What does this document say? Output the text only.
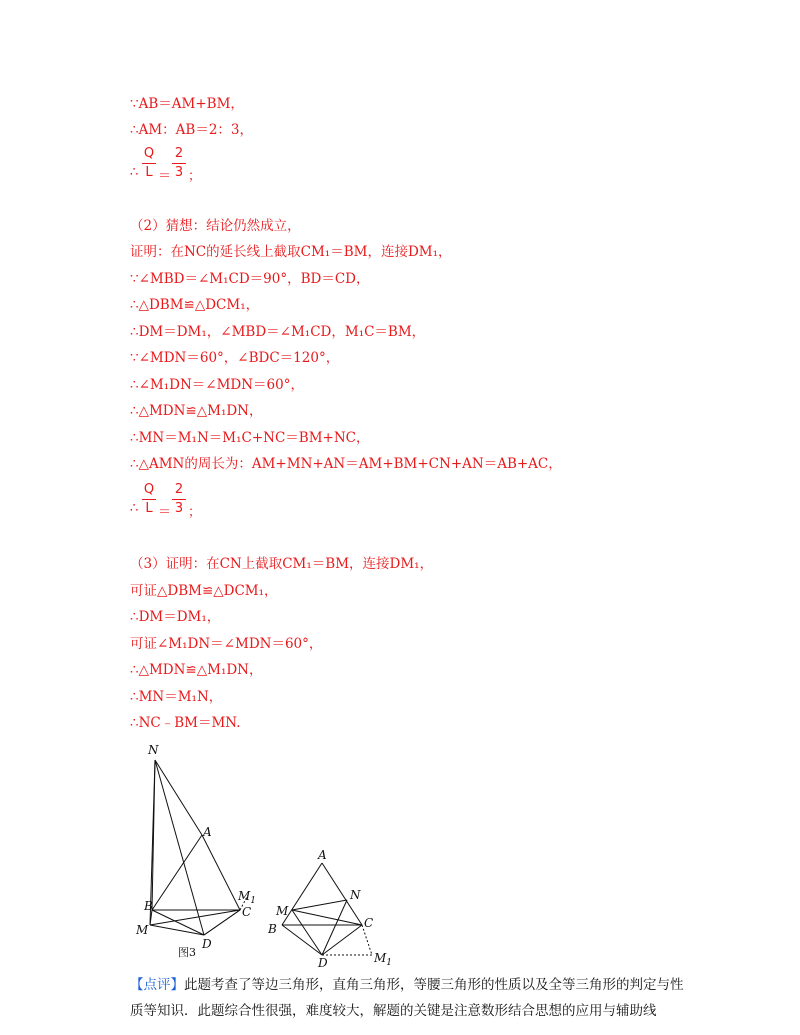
∵AB＝AM+BM，
∴AM：AB＝2：3，
∴
Q
L ＝
2
3 ；
（2）猜想：结论仍然成立，
证明：在NC的延长线上截取CM₁＝BM，连接DM₁，
∵∠MBD＝∠M₁CD＝90°，BD＝CD，
∴△DBM≌△DCM₁，
∴DM＝DM₁，∠MBD＝∠M₁CD，M₁C＝BM，
∵∠MDN＝60°，∠BDC＝120°，
∴∠M₁DN＝∠MDN＝60°，
∴△MDN≌△M₁DN，
∴MN＝M₁N＝M₁C+NC＝BM+NC，
∴△AMN的周长为：AM+MN+AN＝AM+BM+CN+AN＝AB+AC，
∴
Q
L ＝
2
3 ；
（3）证明：在CN上截取CM₁＝BM，连接DM₁，
可证△DBM≌△DCM₁，
∴DM＝DM₁，
可证∠M₁DN＝∠MDN＝60°，
∴△MDN≌△M₁DN，
∴MN＝M₁N，
∴NC﹣BM＝MN.
N
A
B
M
C
D
$M_1$
图3
A
N
M
B	C
D	$M_1$
【点评】此题考查了等边三角形，直角三角形，等腰三角形的性质以及全等三角形的判定与性质等知识．此题综合性很强，难度较大，解题的关键是注意数形结合思想的应用与辅助线
